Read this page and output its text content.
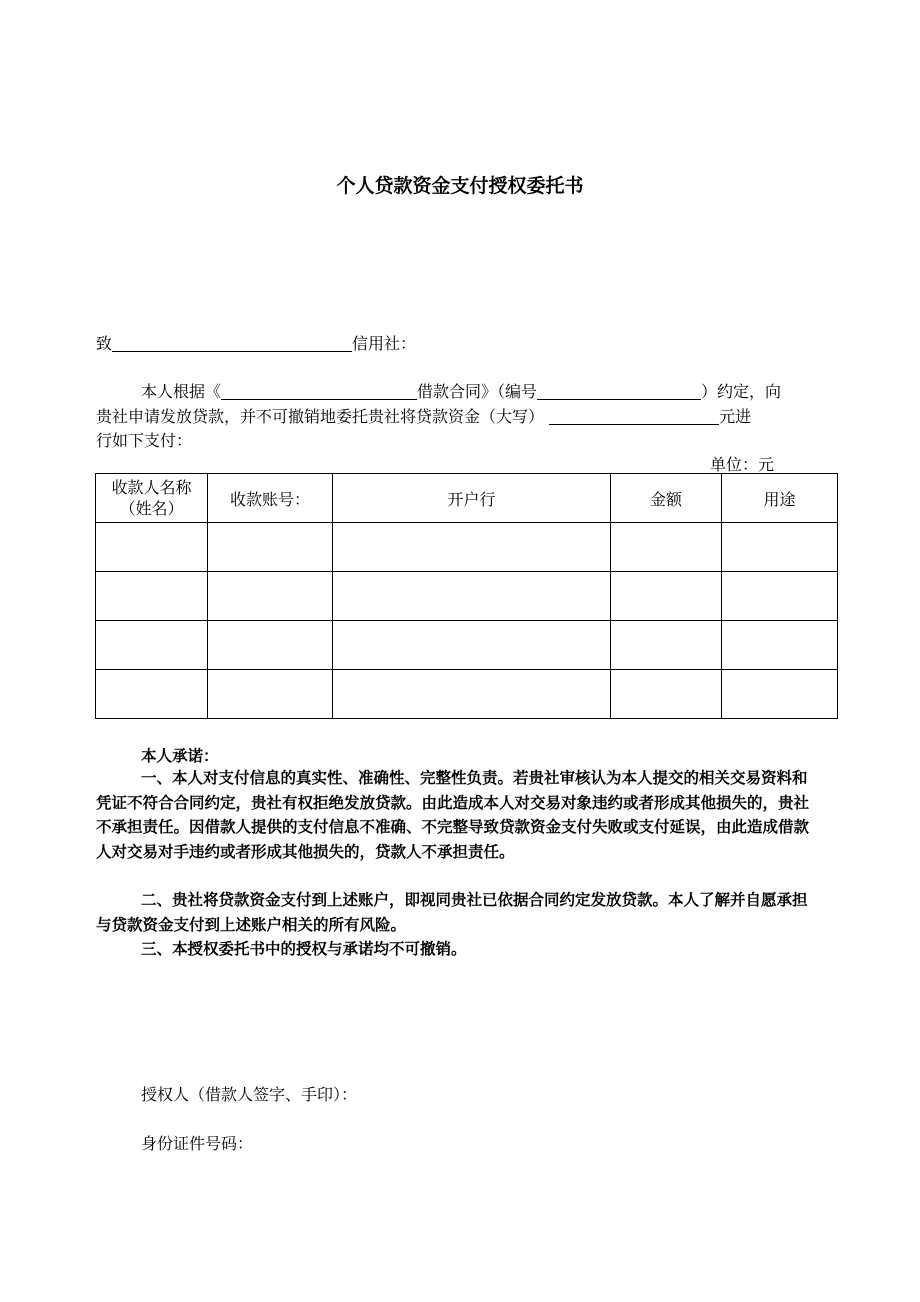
个人贷款资金支付授权委托书
致	信用社：
本人根据《	借款合同》（编号	）约定，向
贵社申请发放贷款，并不可撤销地委托贵社将贷款资金（大写）	元进
行如下支付：
单位：元
收款人名称（姓名）	收款账号：	开户行	金额	用途

本人承诺：
一、本人对支付信息的真实性、准确性、完整性负责。若贵社审核认为本人提交的相关交易资料和凭证不符合合同约定，贵社有权拒绝发放贷款。由此造成本人对交易对象违约或者形成其他损失的，贵社不承担责任。因借款人提供的支付信息不准确、不完整导致贷款资金支付失败或支付延误，由此造成借款人对交易对手违约或者形成其他损失的，贷款人不承担责任。
二、贵社将贷款资金支付到上述账户，即视同贵社已依据合同约定发放贷款。本人了解并自愿承担与贷款资金支付到上述账户相关的所有风险。
三、本授权委托书中的授权与承诺均不可撤销。
授权人（借款人签字、手印）：
身份证件号码：
